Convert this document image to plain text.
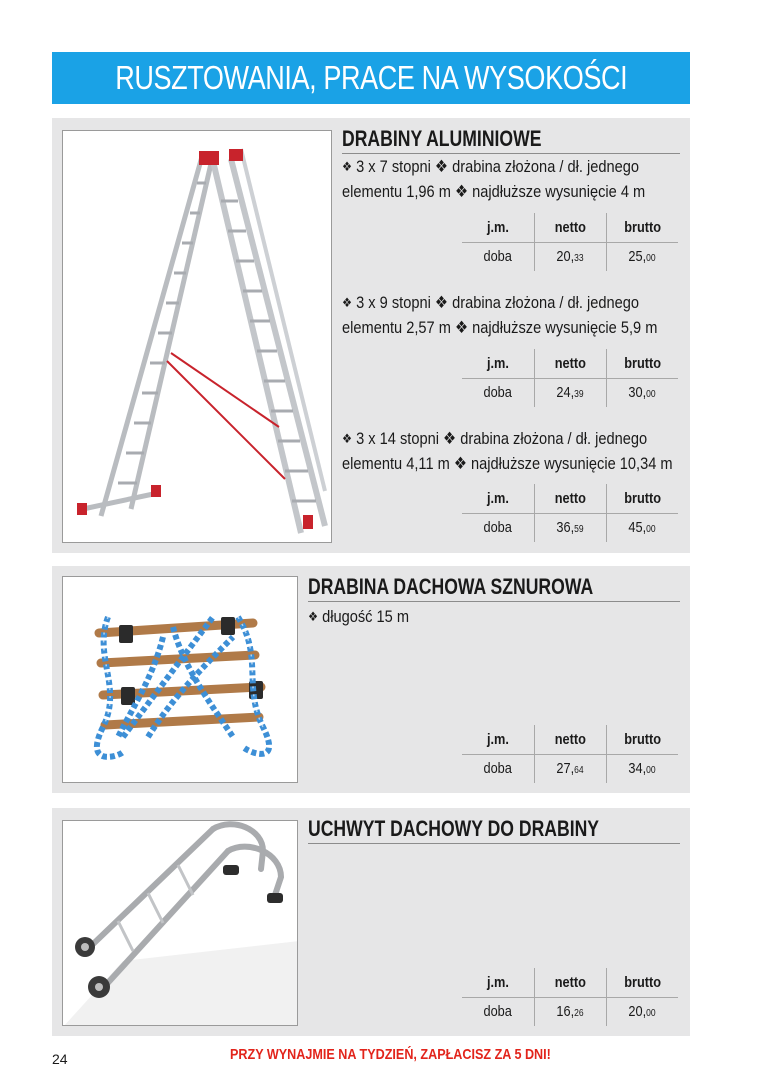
RUSZTOWANIA, PRACE NA WYSOKOŚCI
DRABINY ALUMINIOWE
❖ 3 x 7 stopni ❖ drabina złożona / dł. jednego
elementu 1,96 m ❖ najdłuższe wysunięcie 4 m
j.m.	netto	brutto
doba	20,33	25,00
❖ 3 x 9 stopni ❖ drabina złożona / dł. jednego
elementu 2,57 m ❖ najdłuższe wysunięcie 5,9 m
j.m.	netto	brutto
doba	24,39	30,00
❖ 3 x 14 stopni ❖ drabina złożona / dł. jednego
elementu 4,11 m ❖ najdłuższe wysunięcie 10,34 m
j.m.	netto	brutto
doba	36,59	45,00
DRABINA DACHOWA SZNUROWA
❖ długość 15 m
j.m.	netto	brutto
doba	27,64	34,00
UCHWYT DACHOWY DO DRABINY
j.m.	netto	brutto
doba	16,26	20,00
24	PRZY WYNAJMIE NA TYDZIEŃ, ZAPŁACISZ ZA 5 DNI!
